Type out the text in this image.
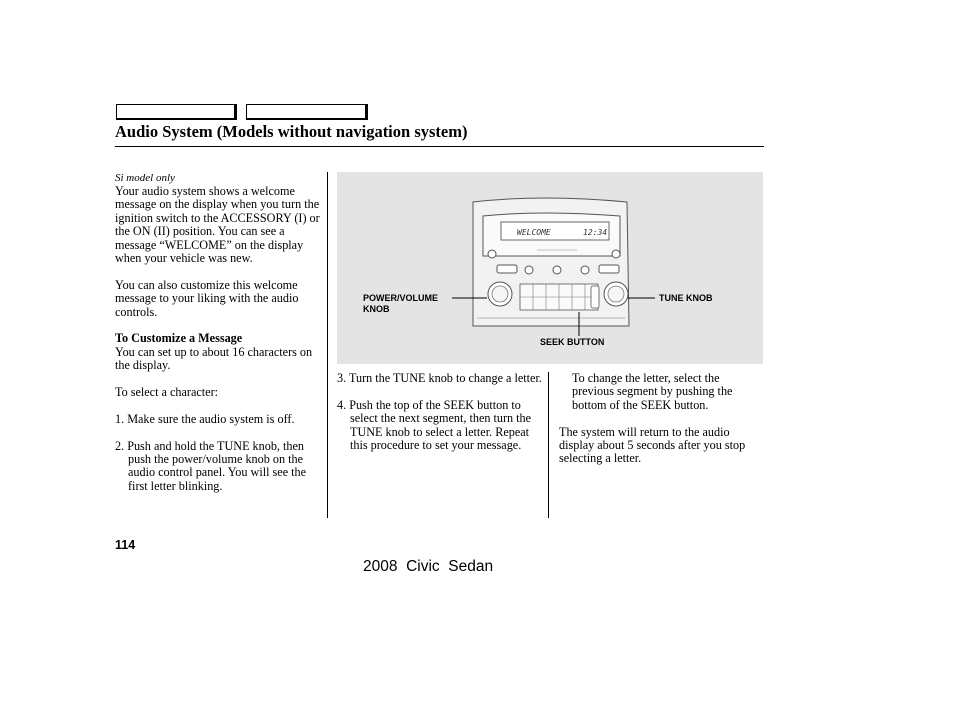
Audio System (Models without navigation system)

Si model only

Your audio system shows a welcome message on the display when you turn the ignition switch to the ACCESSORY (I) or the ON (II) position. You can see a message “WELCOME” on the display when your vehicle was new.

You can also customize this welcome message to your liking with the audio controls.

To Customize a Message

You can set up to about 16 characters on the display.

To select a character:

1. Make sure the audio system is off.

2. Push and hold the TUNE knob, then push the power/volume knob on the audio control panel. You will see the first letter blinking.

WELCOME	12:34
POWER/VOLUME KNOB
TUNE KNOB
SEEK BUTTON

3. Turn the TUNE knob to change a letter.

4. Push the top of the SEEK button to select the next segment, then turn the TUNE knob to select a letter. Repeat this procedure to set your message.

To change the letter, select the previous segment by pushing the bottom of the SEEK button.

The system will return to the audio display about 5 seconds after you stop selecting a letter.

114
2008  Civic  Sedan
